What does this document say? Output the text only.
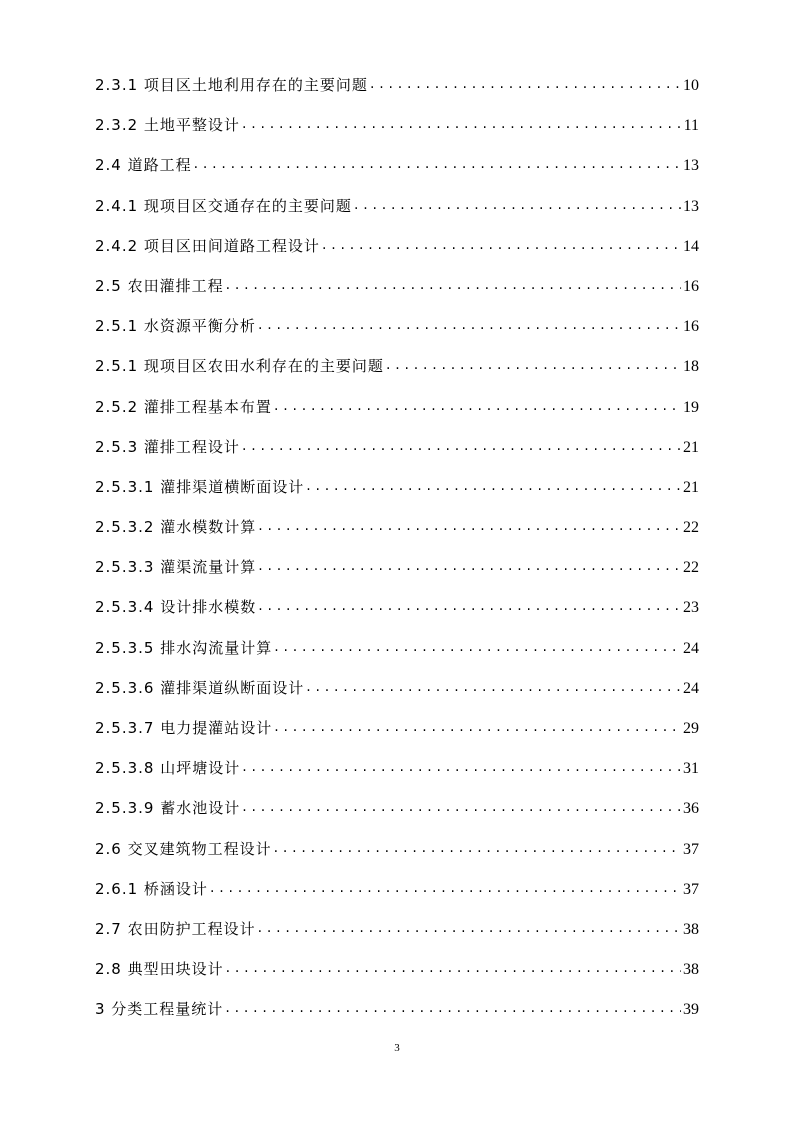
2.3.1 项目区土地利用存在的主要问题 .....	10
2.3.2 土地平整设计 .....	11
2.4 道路工程 .....	13
2.4.1 现项目区交通存在的主要问题 .....	13
2.4.2 项目区田间道路工程设计 .....	14
2.5 农田灌排工程 .....	16
2.5.1 水资源平衡分析 .....	16
2.5.1 现项目区农田水利存在的主要问题 .....	18
2.5.2 灌排工程基本布置 .....	19
2.5.3 灌排工程设计 .....	21
2.5.3.1 灌排渠道横断面设计 .....	21
2.5.3.2 灌水模数计算 .....	22
2.5.3.3 灌渠流量计算 .....	22
2.5.3.4 设计排水模数 .....	23
2.5.3.5 排水沟流量计算 .....	24
2.5.3.6 灌排渠道纵断面设计 .....	24
2.5.3.7 电力提灌站设计 .....	29
2.5.3.8 山坪塘设计 .....	31
2.5.3.9 蓄水池设计 .....	36
2.6 交叉建筑物工程设计 .....	37
2.6.1 桥涵设计 .....	37
2.7 农田防护工程设计 .....	38
2.8 典型田块设计 .....	38
3 分类工程量统计 .....	39
3
